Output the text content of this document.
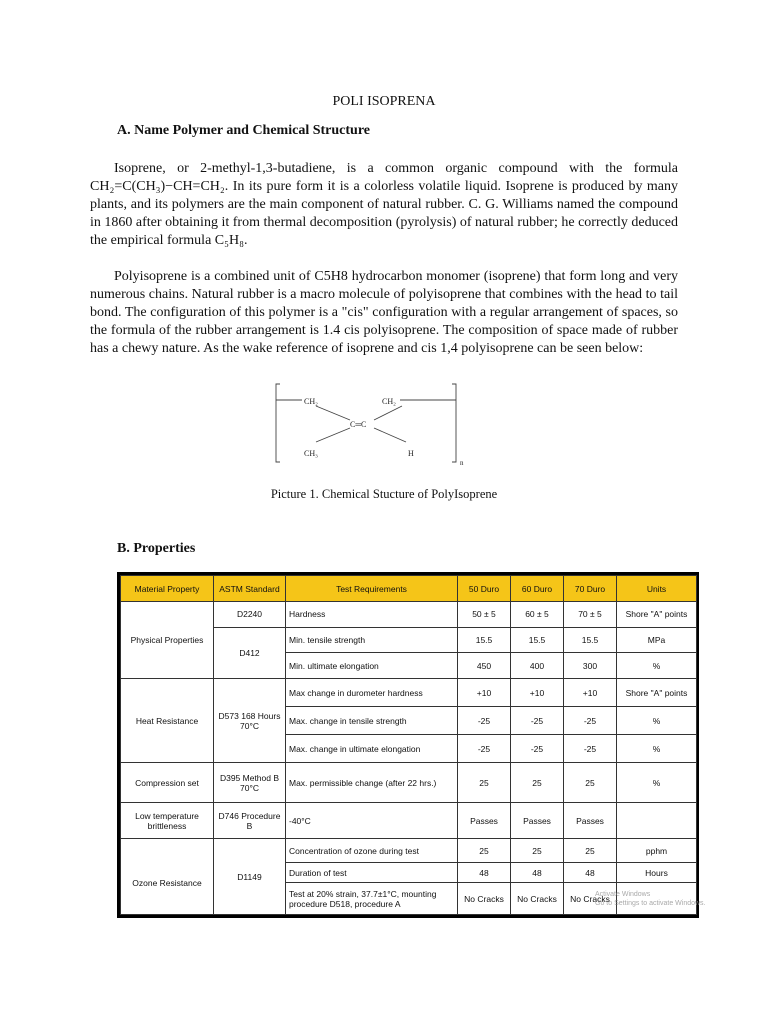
POLI ISOPRENA
A. Name Polymer and Chemical Structure

Isoprene, or 2-methyl-1,3-butadiene, is a common organic compound with the formula CH₂=C(CH₃)−CH=CH₂. In its pure form it is a colorless volatile liquid. Isoprene is produced by many plants, and its polymers are the main component of natural rubber. C. G. Williams named the compound in 1860 after obtaining it from thermal decomposition (pyrolysis) of natural rubber; he correctly deduced the empirical formula C₅H₈.

Polyisoprene is a combined unit of C5H8 hydrocarbon monomer (isoprene) that form long and very numerous chains. Natural rubber is a macro molecule of polyisoprene that combines with the head to tail bond. The configuration of this polymer is a "cis" configuration with a regular arrangement of spaces, so the formula of the rubber arrangement is 1.4 cis polyisoprene. The composition of space made of rubber has a chewy nature. As the wake reference of isoprene and cis 1,4 polyisoprene can be seen below:

CH₂	CH₂
C═C
CH₃	H
n
Picture 1. Chemical Stucture of PolyIsoprene
B. Properties
Material Property	ASTM Standard	Test Requirements	50 Duro	60 Duro	70 Duro	Units
Physical Properties	D2240	Hardness	50 ± 5	60 ± 5	70 ± 5	Shore "A" points
	D412	Min. tensile strength	15.5	15.5	15.5	MPa
		Min. ultimate elongation	450	400	300	%
Heat Resistance	D573 168 Hours 70°C	Max change in durometer hardness	+10	+10	+10	Shore "A" points
		Max. change in tensile strength	-25	-25	-25	%
		Max. change in ultimate elongation	-25	-25	-25	%
Compression set	D395 Method B 70°C	Max. permissible change (after 22 hrs.)	25	25	25	%
Low temperature brittleness	D746 Procedure B	-40°C	Passes	Passes	Passes	
Ozone Resistance	D1149	Concentration of ozone during test	25	25	25	pphm
		Duration of test	48	48	48	Hours
		Test at 20% strain, 37.7±1°C, mounting procedure D518, procedure A	No Cracks	No Cracks	No Cracks	
Activate Windows
Go to Settings to activate Windows.
